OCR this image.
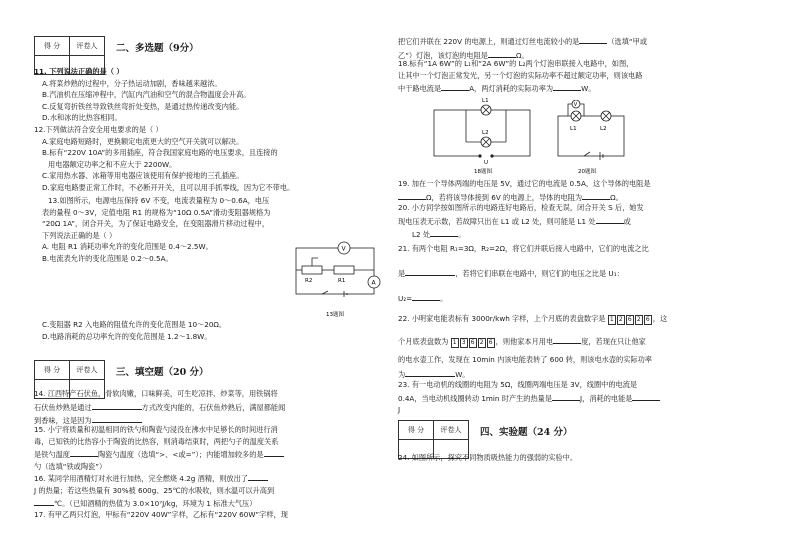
得 分	评卷人
	二、多选题（9分）

11. 下列说法正确的是（ ）

A.将菜炒熟的过程中，分子热运动加剧，香味越来越浓。

B.汽油机在压缩冲程中，汽缸内汽油和空气的混合物温度会升高。

C.反复弯折铁丝导致铁丝弯折处变热，是通过热传递改变内能。

D.水和冰的比热容相同。

12.下列做法符合安全用电要求的是（ ）

A.家庭电路短路时，更换额定电流更大的空气开关就可以解决。

B.标有“220V 10A”的多用插座，符合我国家庭电路的电压要求，且连接的

用电器额定功率之和不应大于 2200W。

C.家用热水器、冰箱等用电器应该使用有保护接地的三孔插座。

D.家庭电路要正常工作时，不必断开开关，且可以用手抓零线，因为它不带电。

13.如图所示，电源电压保持 6V 不变，电流表量程为 0～0.6A，电压

表的量程 0～3V，定值电阻 R1 的规格为“10Ω 0.5A”滑动变阻器规格为

“20Ω 1A”，闭合开关，为了保证电路安全，在变阻器滑片移动过程中，

下列说法正确的是（ ）

A. 电阻 R1 消耗功率允许的变化范围是 0.4～2.5W。

B.电流表允许的变化范围是 0.2～0.5A。

R2	R1
V
A
13题图

C.变阻器 R2 入电路的阻值允许的变化范围是 10～20Ω。

D.电路消耗的总功率允许的变化范围是 1.2～1.8W。

得 分	评卷人
	三、填空题（20 分）

14. 江西特产石伏鱼，骨软肉嫩，口味鲜美，可生吃凉拌、炒菜等，用铁锅将

石伏鱼炒熟是通过	方式改变内能的，石伏鱼炒熟后，满屋都能闻

到香味，这是因为

15. 小宁将质量和初温相同的铁勺和陶瓷勺浸没在沸水中足够长的时间进行消

毒，已知铁的比热容小于陶瓷的比热容，则消毒结束时，两把勺子的温度关系

是铁勺温度	陶瓷勺温度（选填“>、<或=”）；内能增加较多的是

勺（选填“铁或陶瓷”）

16. 某同学用酒精灯对水进行加热，完全燃烧 4.2g 酒精，则放出了

J 的热量；若这些热量有 30%被 600g、25℃的水吸收，则水温可以升高到

℃。（已知酒精的热值为 3.0×10⁷J/kg，环境为 1 标准大气压）

17. 有甲乙两只灯泡，甲标有“220V 40W”字样，乙标有“220V 60W”字样，现

把它们并联在 220V 的电源上，则通过灯丝电流较小的是	（选填“甲或

乙”）灯泡，该灯泡的电阻是	Ω。

18.标有“1A 6W”的 L₁和“2A 6W”的 L₂两个灯泡串联接入电路中，如图，

让其中一个灯泡正常发光，另一个灯泡的实际功率不超过额定功率，则该电路

中干路电流是	A，两灯消耗的实际功率为	W。

L1
L2
U
18题图
V
L1	L2
20题图

19. 加在一个导体两端的电压是 5V，通过它的电流是 0.5A，这个导体的电阻是

Ω，若将该导体接到 6V 的电源上，导体的电阻为	Ω。

20. 小方同学按如图所示的电路连好电路后，检查无误，闭合开关 S 后，她发

现电压表无示数，若故障只出在 L1 或 L2 处，则可能是 L1 处	或

L2 处	。

21. 有两个电阻 R₁=3Ω，R₂=2Ω，将它们并联后接入电路中，它们的电流之比

是	，若将它们串联在电路中，则它们的电压之比是 U₁：

U₂=	。

22. 小明家电能表标有 3000r/kwh 字样，上个月底的表盘数字是 1 2 6 2 6 ，这

个月底表盘数为 1 3 6 2 6 ，则他家本月用电	度，若现在只让他家

的电水壶工作，发现在 10min 内该电能表转了 600 转，则该电水壶的实际功率

为	W。

23. 有一电动机的线圈的电阻为 5Ω，线圈两端电压是 3V，线圈中的电流是

0.4A，当电动机线圈转动 1min 时产生的热量是	J，消耗的电能是

J

得 分	评卷人
	四、实验题（24 分）

24. 如图所示，探究不同物质吸热能力的强弱的实验中。
